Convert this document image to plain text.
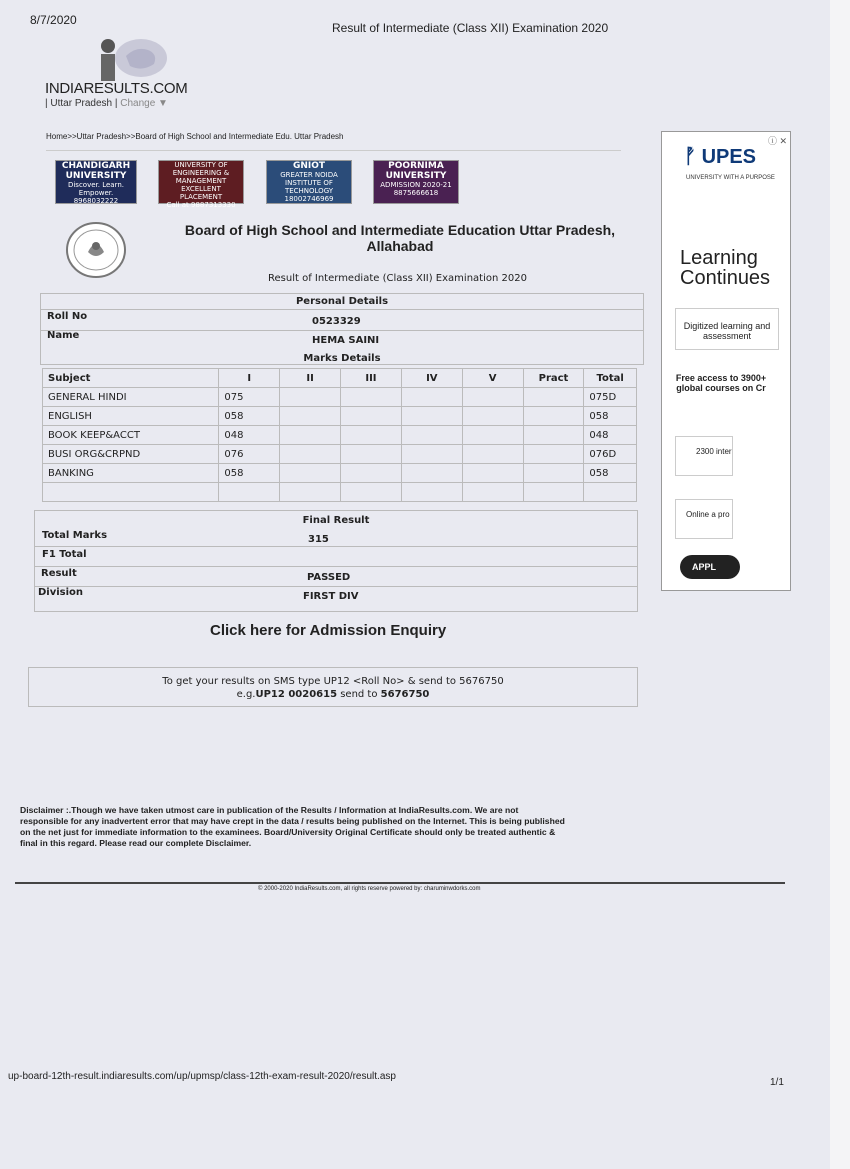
8/7/2020
Result of Intermediate (Class XII) Examination 2020
INDIARESULTS.COM
| Uttar Pradesh | Change ▼
Home>>Uttar Pradesh>>Board of High School and Intermediate Edu. Uttar Pradesh
CHANDIGARH UNIVERSITY
Discover. Learn. Empower.
8968032222
UNIVERSITY OF ENGINEERING & MANAGEMENT
EXCELLENT PLACEMENT
Call at 9887313330
GNIOT
GREATER NOIDA INSTITUTE OF TECHNOLOGY
18002746969
POORNIMA UNIVERSITY
ADMISSION 2020-21
8875666618
Board of High School and Intermediate Education Uttar Pradesh, Allahabad
Result of Intermediate (Class XII) Examination 2020
Personal Details
Roll No	0523329
Name	HEMA SAINI
Marks Details
Subject	I	II	III	IV	V	Pract	Total
GENERAL HINDI	075						075D
ENGLISH	058						058
BOOK KEEP&ACCT	048						048
BUSI ORG&CRPND	076						076D
BANKING	058						058

Final Result
Total Marks	315
F1 Total
Result	PASSED
Division	FIRST DIV
Click here for Admission Enquiry
To get your results on SMS type UP12 <Roll No> & send to 5676750
e.g.UP12 0020615 send to 5676750
Disclaimer :.Though we have taken utmost care in publication of the Results / Information at IndiaResults.com. We are not responsible for any inadvertent error that may have crept in the data / results being published on the Internet. This is being published on the net just for immediate information to the examinees. Board/University Original Certificate should only be treated authentic & final in this regard. Please read our complete Disclaimer.
© 2000-2020 IndiaResults.com, all rights reserve powered by: charuminwdorks.com
ⓘ ✕
ᚡ UPES
UNIVERSITY WITH A PURPOSE
Learning
Continues
Digitized learning and assessment
Free access to 3900+ global courses on Cr
2300 inter
Online a pro
APPL
up-board-12th-result.indiaresults.com/up/upmsp/class-12th-exam-result-2020/result.asp
1/1
